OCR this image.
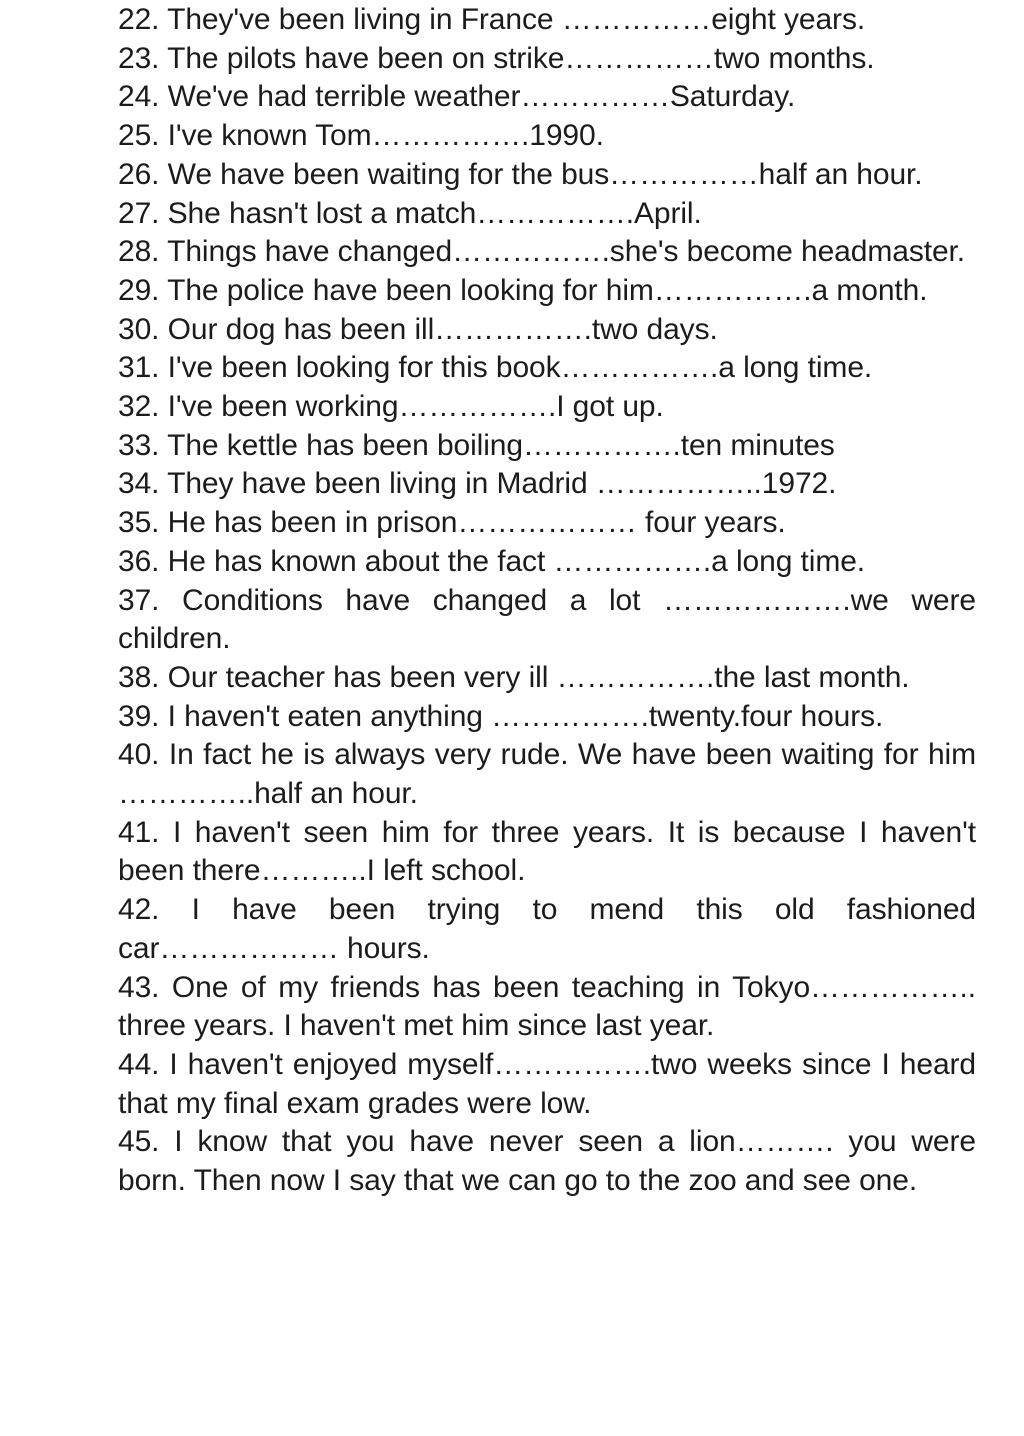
22. They've been living in France ……………eight years.

23. The pilots have been on strike……………two months.

24. We've had terrible weather……………Saturday.

25. I've known Tom…………….1990.

26. We have been waiting for the bus……………half an hour.

27. She hasn't lost a match…………….April.

28. Things have changed…………….she's become headmaster.

29. The police have been looking for him…………….a month.

30. Our dog has been ill…………….two days.

31. I've been looking for this book…………….a long time.

32. I've been working…………….I got up.

33. The kettle has been boiling…………….ten minutes

34. They have been living in Madrid ……………..1972.

35. He has been in prison……………… four years.

36. He has known about the fact …………….a long time.

37. Conditions have changed a lot ……………….we were children.

38. Our teacher has been very ill …………….the last month.

39. I haven't eaten anything …………….twenty.four hours.

40. In fact he is always very rude. We have been waiting for him …………..half an hour.

41. I haven't seen him for three years. It is because I haven't been there………..I left school.

42. I have been trying to mend this old fashioned car……………… hours.

43. One of my friends has been teaching in Tokyo…………….. three years. I haven't met him since last year.

44. I haven't enjoyed myself…………….two weeks since I heard that my final exam grades were low.

45. I know that you have never seen a lion………. you were born. Then now I say that we can go to the zoo and see one.
